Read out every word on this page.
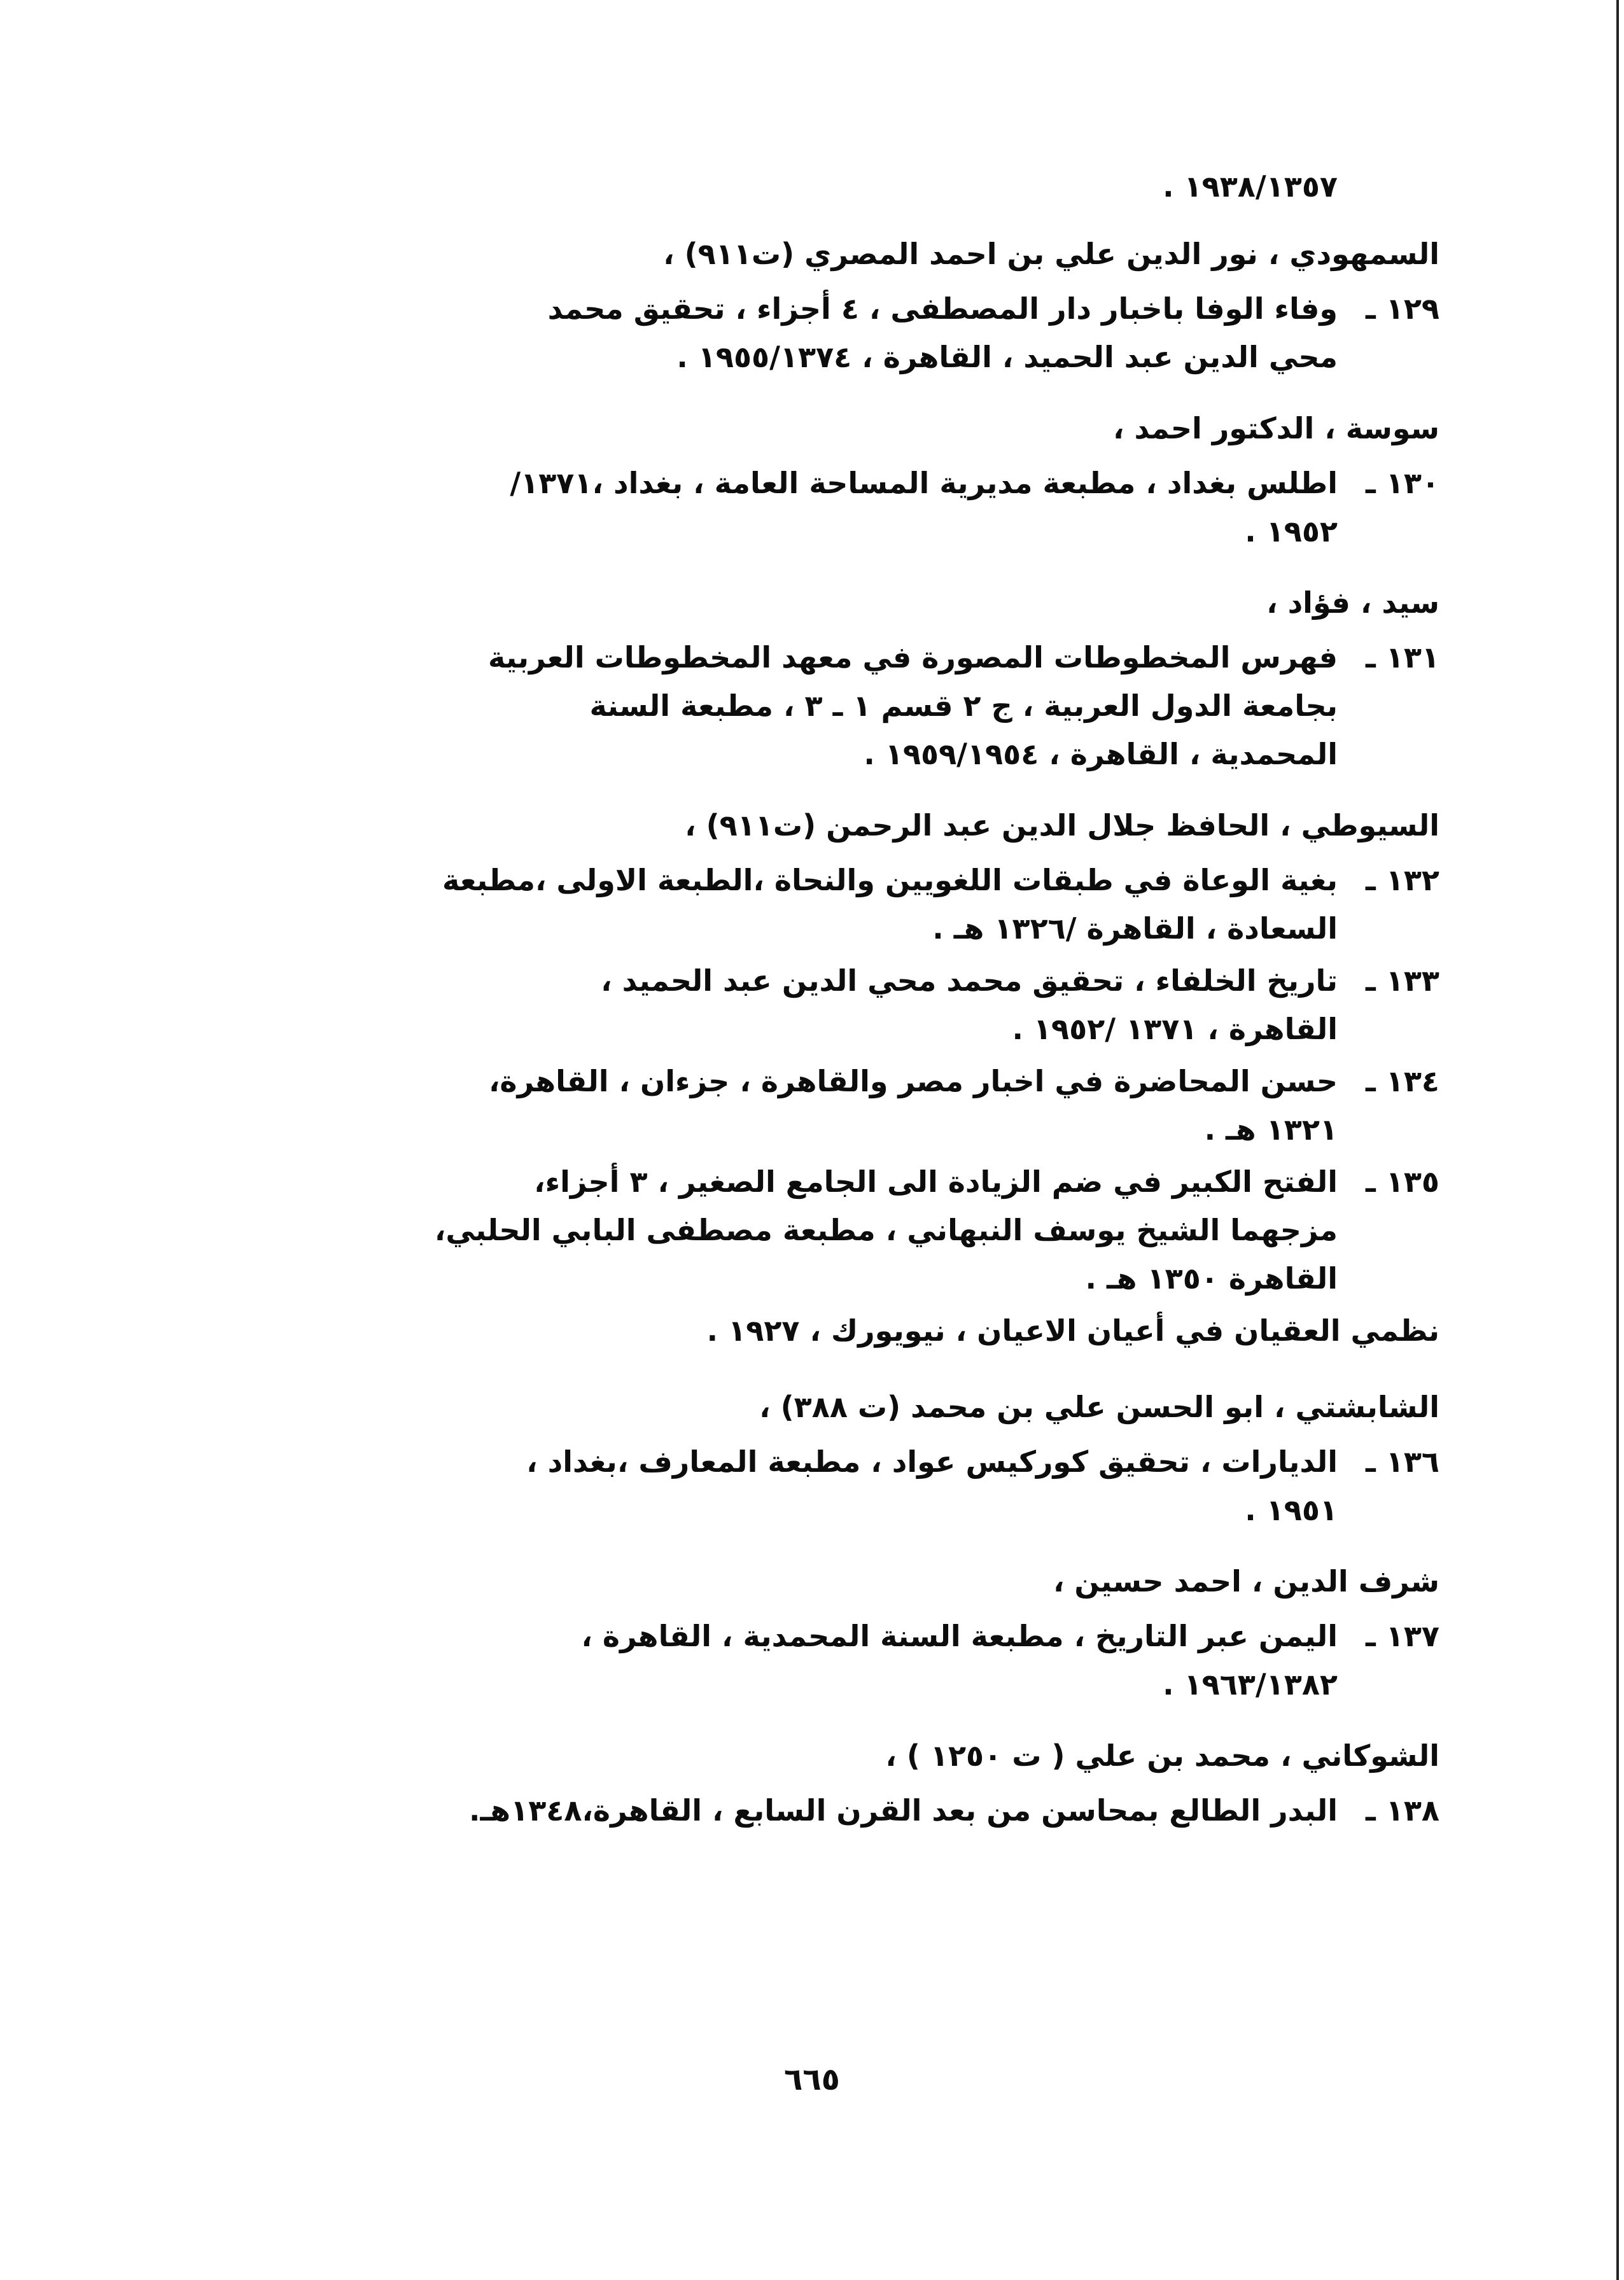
١٩٣٨/١٣٥٧ .
السمهودي ، نور الدين علي بن احمد المصري (ت٩١١) ،
١٢٩ ـ
وفاء الوفا باخبار دار المصطفى ، ٤ أجزاء ، تحقيق محمد
محي الدين عبد الحميد ، القاهرة ، ١٩٥٥/١٣٧٤ .
سوسة ، الدكتور احمد ،
١٣٠ ـ
اطلس بغداد ، مطبعة مديرية المساحة العامة ، بغداد ،١٣٧١/
١٩٥٢ .
سيد ، فؤاد ،
١٣١ ـ
فهرس المخطوطات المصورة في معهد المخطوطات العربية
بجامعة الدول العربية ، ج ٢ قسم ١ ـ ٣ ، مطبعة السنة
المحمدية ، القاهرة ، ١٩٥٩/١٩٥٤ .
السيوطي ، الحافظ جلال الدين عبد الرحمن (ت٩١١) ،
١٣٢ ـ
بغية الوعاة في طبقات اللغويين والنحاة ،الطبعة الاولى ،مطبعة
السعادة ، القاهرة /١٣٢٦ هـ .
١٣٣ ـ
تاريخ الخلفاء ، تحقيق محمد محي الدين عبد الحميد ،
القاهرة ، ١٣٧١ /١٩٥٢ .
١٣٤ ـ
حسن المحاضرة في اخبار مصر والقاهرة ، جزءان ، القاهرة،
١٣٢١ هـ .
١٣٥ ـ
الفتح الكبير في ضم الزيادة الى الجامع الصغير ، ٣ أجزاء،
مزجهما الشيخ يوسف النبهاني ، مطبعة مصطفى البابي الحلبي،
القاهرة ١٣٥٠ هـ .
نظمي العقيان في أعيان الاعيان ، نيويورك ، ١٩٢٧ .
الشابشتي ، ابو الحسن علي بن محمد (ت ٣٨٨) ،
١٣٦ ـ
الديارات ، تحقيق كوركيس عواد ، مطبعة المعارف ،بغداد ،
١٩٥١ .
شرف الدين ، احمد حسين ،
١٣٧ ـ
اليمن عبر التاريخ ، مطبعة السنة المحمدية ، القاهرة ،
١٩٦٣/١٣٨٢ .
الشوكاني ، محمد بن علي ( ت ١٢٥٠ ) ،
١٣٨ ـ
البدر الطالع بمحاسن من بعد القرن السابع ، القاهرة،١٣٤٨هـ.
٦٦٥
